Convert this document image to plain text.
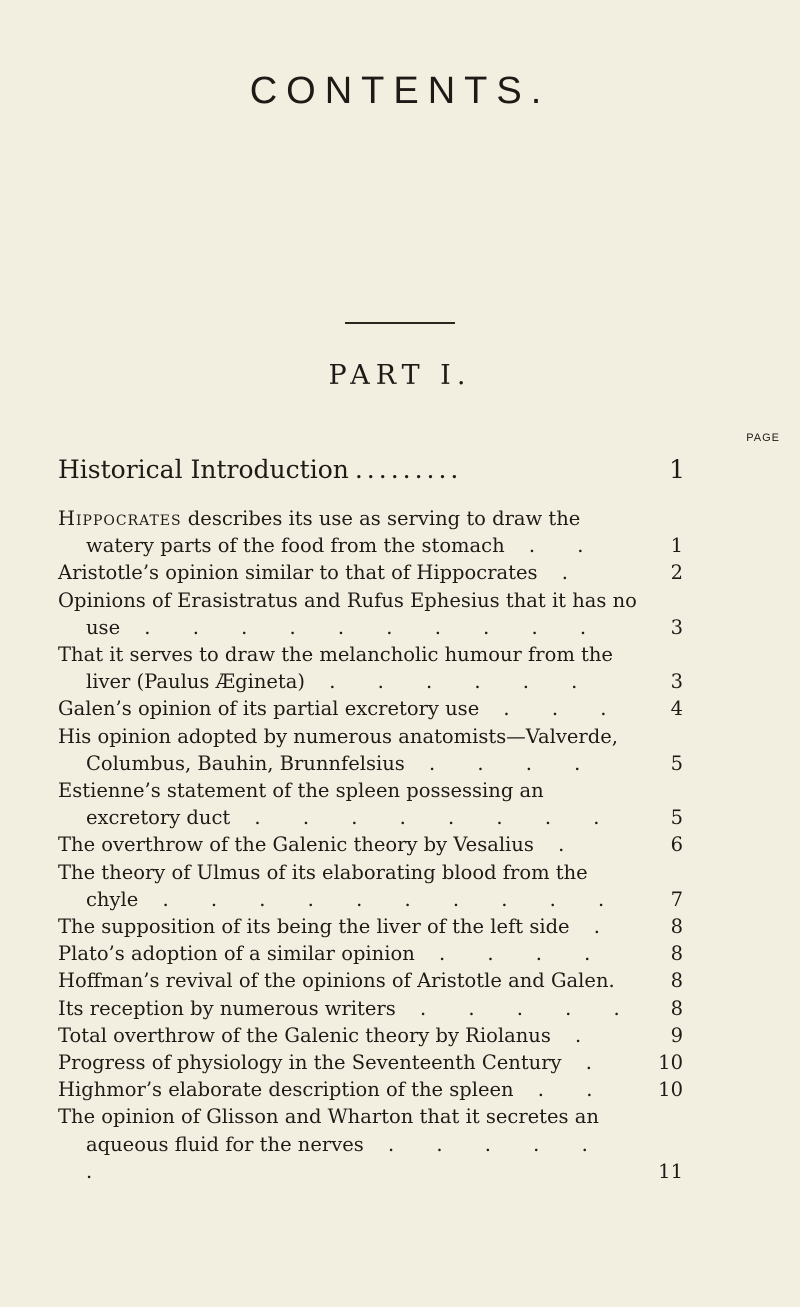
CONTENTS.
PART I.
PAGE
Historical Introduction .........	1
Hippocrates describes its use as serving to draw the watery parts of the food from the stomach . .	1
Aristotle’s opinion similar to that of Hippocrates .	2
Opinions of Erasistratus and Rufus Ephesius that it has no use . . . . . . . . . .	3
That it serves to draw the melancholic humour from the liver (Paulus Ægineta) . . . . . .	3
Galen’s opinion of its partial excretory use . . .	4
His opinion adopted by numerous anatomists—Valverde, Columbus, Bauhin, Brunnfelsius . . . .	5
Estienne’s statement of the spleen possessing an excretory duct . . . . . . . .	5
The overthrow of the Galenic theory by Vesalius .	6
The theory of Ulmus of its elaborating blood from the chyle . . . . . . . . . .	7
The supposition of its being the liver of the left side .	8
Plato’s adoption of a similar opinion . . . .	8
Hoffman’s revival of the opinions of Aristotle and Galen.	8
Its reception by numerous writers . . . . .	8
Total overthrow of the Galenic theory by Riolanus .	9
Progress of physiology in the Seventeenth Century . 10
Highmor’s elaborate description of the spleen . . 10
The opinion of Glisson and Wharton that it secretes an aqueous fluid for the nerves . . . . . .	11
